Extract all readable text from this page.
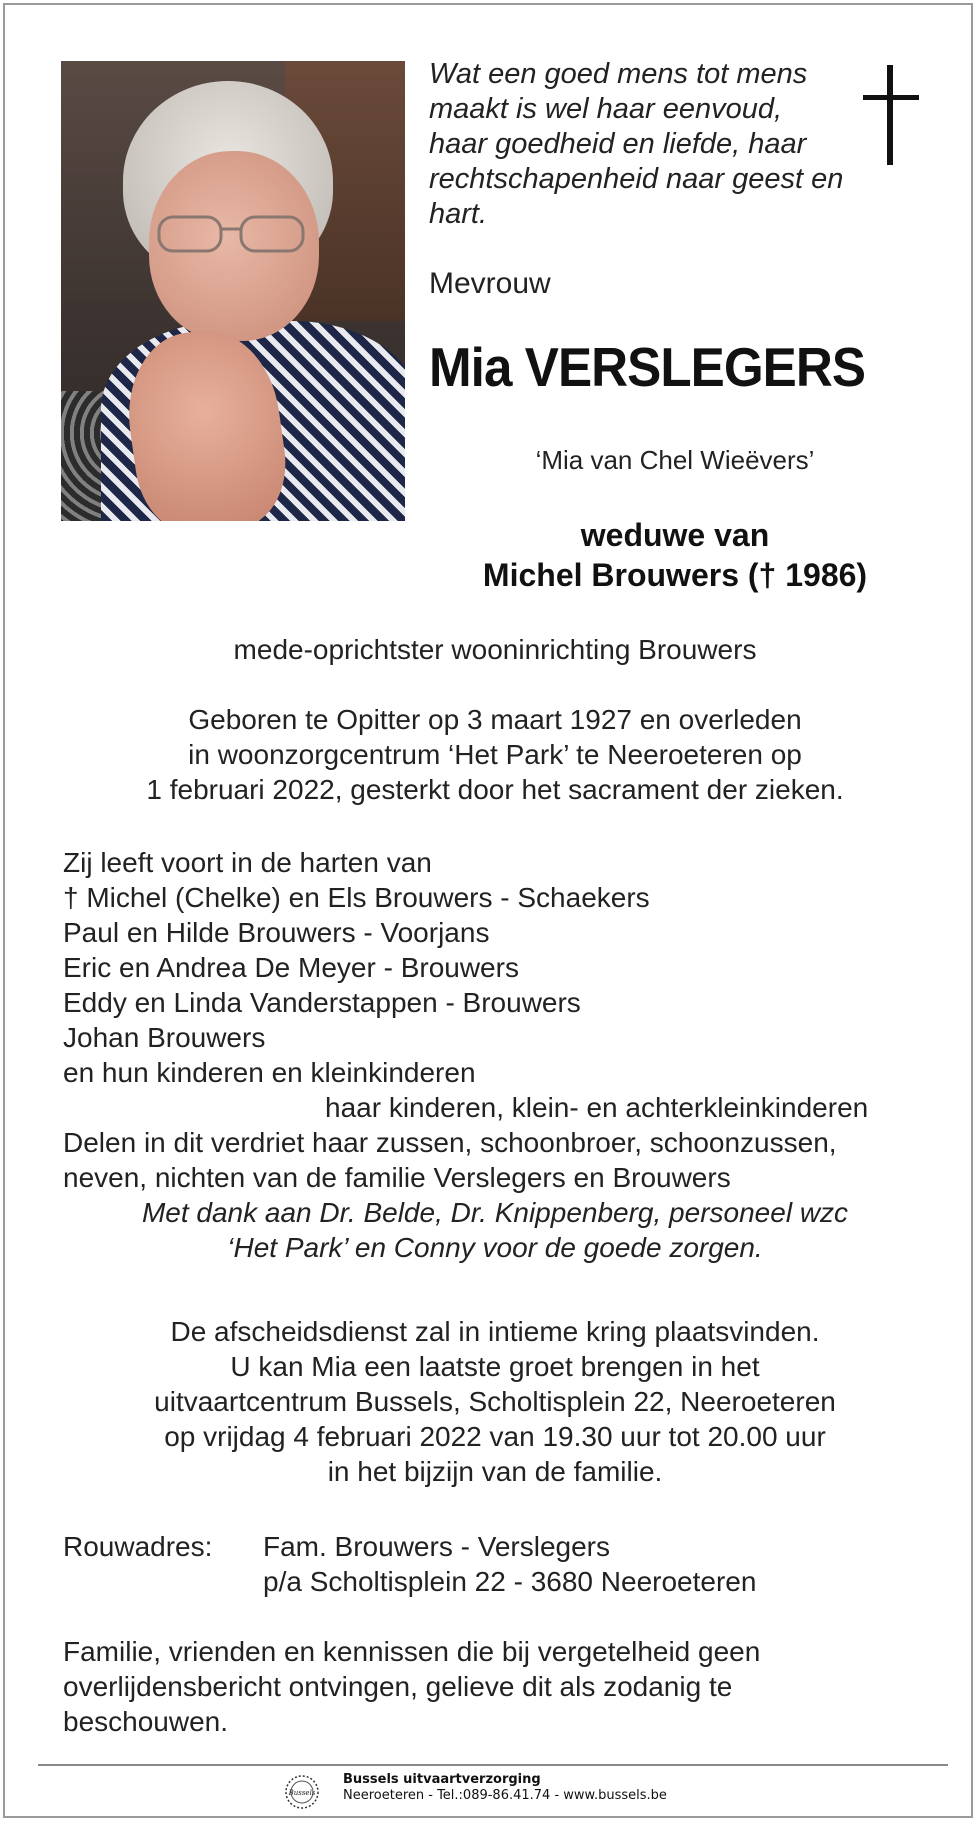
Wat een goed mens tot mens
maakt is wel haar eenvoud,
haar goedheid en liefde, haar
rechtschapenheid naar geest en
hart.
Mevrouw
Mia VERSLEGERS
‘Mia van Chel Wieëvers’
weduwe van
Michel Brouwers († 1986)
mede-oprichtster wooninrichting Brouwers
Geboren te Opitter op 3 maart 1927 en overleden
in woonzorgcentrum ‘Het Park’ te Neeroeteren op
1 februari 2022, gesterkt door het sacrament der zieken.
Zij leeft voort in de harten van
† Michel (Chelke) en Els Brouwers - Schaekers
Paul en Hilde Brouwers - Voorjans
Eric en Andrea De Meyer - Brouwers
Eddy en Linda Vanderstappen - Brouwers
Johan Brouwers
en hun kinderen en kleinkinderen
haar kinderen, klein- en achterkleinkinderen
Delen in dit verdriet haar zussen, schoonbroer, schoonzussen,
neven, nichten van de familie Verslegers en Brouwers
Met dank aan Dr. Belde, Dr. Knippenberg, personeel wzc
‘Het Park’ en Conny voor de goede zorgen.
De afscheidsdienst zal in intieme kring plaatsvinden.
U kan Mia een laatste groet brengen in het
uitvaartcentrum Bussels, Scholtisplein 22, Neeroeteren
op vrijdag 4 februari 2022 van 19.30 uur tot 20.00 uur
in het bijzijn van de familie.
Rouwadres: Fam. Brouwers - Verslegers
p/a Scholtisplein 22 - 3680 Neeroeteren
Familie, vrienden en kennissen die bij vergetelheid geen
overlijdensbericht ontvingen, gelieve dit als zodanig te
beschouwen.
Bussels
Bussels uitvaartverzorging
Neeroeteren - Tel.:089-86.41.74 - www.bussels.be
